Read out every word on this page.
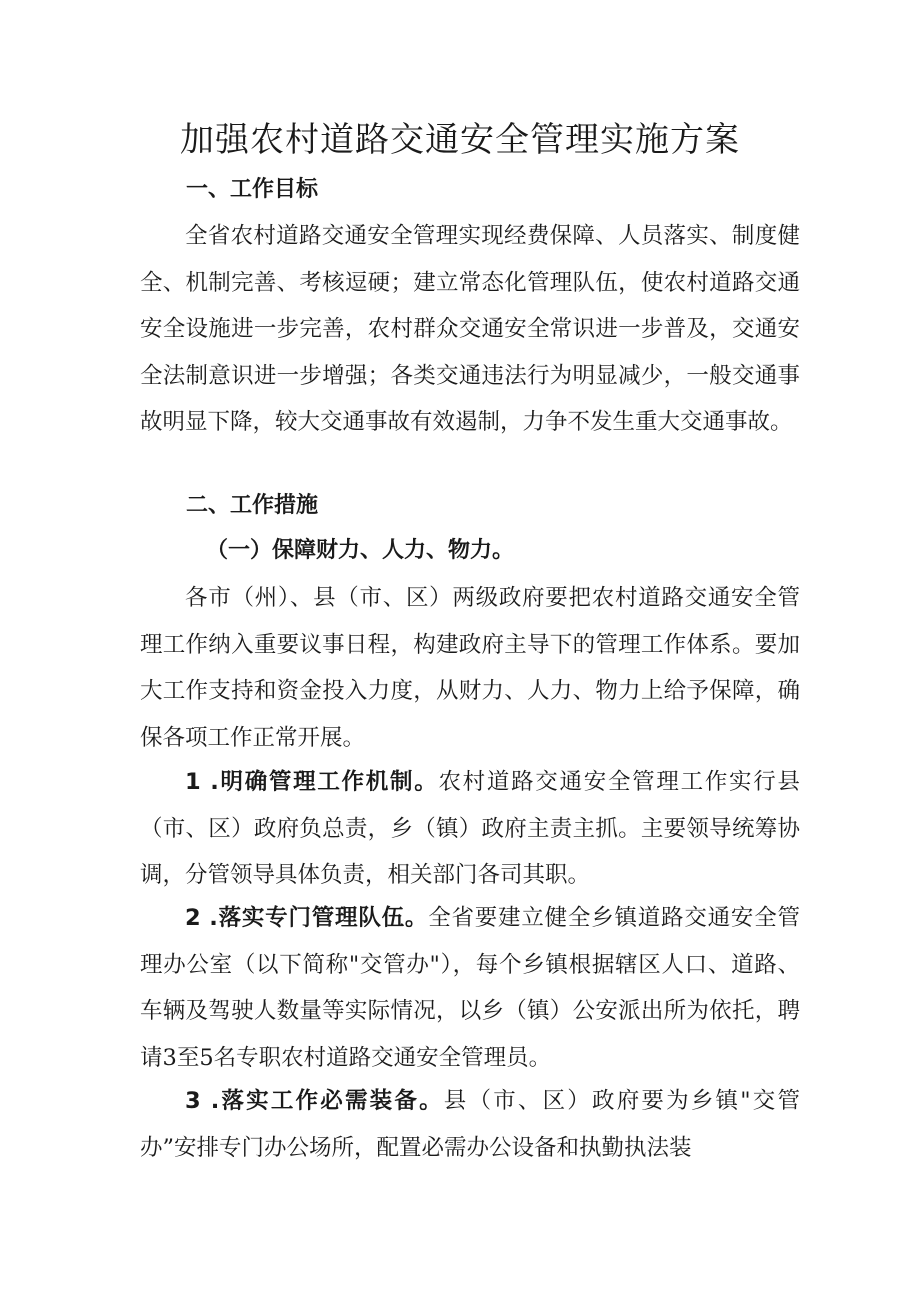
加强农村道路交通安全管理实施方案
一、工作目标

全省农村道路交通安全管理实现经费保障、人员落实、制度健全、机制完善、考核逗硬；建立常态化管理队伍，使农村道路交通安全设施进一步完善，农村群众交通安全常识进一步普及，交通安全法制意识进一步增强；各类交通违法行为明显减少，一般交通事故明显下降，较大交通事故有效遏制，力争不发生重大交通事故。

二、工作措施
（一）保障财力、人力、物力。

各市（州）、县（市、区）两级政府要把农村道路交通安全管理工作纳入重要议事日程，构建政府主导下的管理工作体系。要加大工作支持和资金投入力度，从财力、人力、物力上给予保障，确保各项工作正常开展。

1 .明确管理工作机制。农村道路交通安全管理工作实行县（市、区）政府负总责，乡（镇）政府主责主抓。主要领导统筹协调，分管领导具体负责，相关部门各司其职。

2 .落实专门管理队伍。全省要建立健全乡镇道路交通安全管理办公室（以下简称"交管办"），每个乡镇根据辖区人口、道路、车辆及驾驶人数量等实际情况，以乡（镇）公安派出所为依托，聘请3至5名专职农村道路交通安全管理员。

3 .落实工作必需装备。县（市、区）政府要为乡镇"交管办”安排专门办公场所，配置必需办公设备和执勤执法装
